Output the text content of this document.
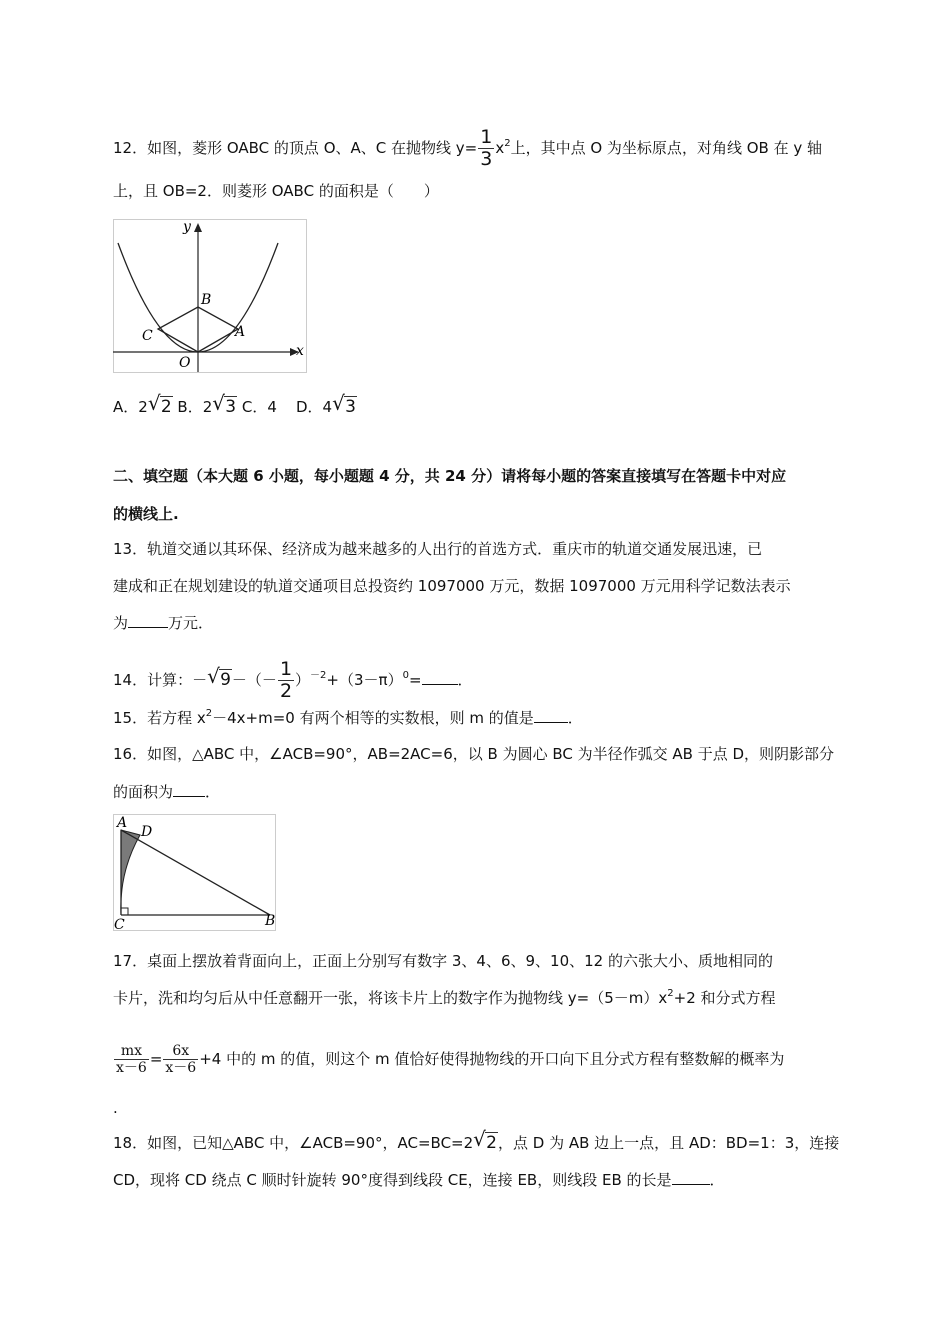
12．如图，菱形 OABC 的顶点 O、A、C 在抛物线 $y= \frac{1}{3} x^2$上，其中点 O 为坐标原点，对角线 OB 在 y 轴
上，且 OB=2．则菱形 OABC 的面积是（　　）
y
x
B
C	A
O
A．2 √ 2 B．2 √ 3 C．4 D．4 √ 3
二、填空题（本大题 6 小题，每小题题 4 分，共 24 分）请将每小题的答案直接填写在答题卡中对应
的横线上.
13．轨道交通以其环保、经济成为越来越多的人出行的首选方式．重庆市的轨道交通发展迅速，已
建成和正在规划建设的轨道交通项目总投资约 1097000 万元，数据 1097000 万元用科学记数法表示
为	万元．
14．计算：－ √ $9-(- \frac{1}{2} )^{-2}+(3-\pi)^0=$ ．
15．若方程 $x^2-4x+m=0$ 有两个相等的实数根，则 m 的值是 ．
16．如图，△ABC 中，∠ACB=90°，AB=2AC=6，以 B 为圆心 BC 为半径作弧交 AB 于点 D，则阴影部分
的面积为 ．
A
D
C	B
17．桌面上摆放着背面向上，正面上分别写有数字 3、4、6、9、10、12 的六张大小、质地相同的
卡片，洗和均匀后从中任意翻开一张，将该卡片上的数字作为抛物线 $y=(5-m)x^2+2$ 和分式方程
$\frac{mx}{x-6} = \frac{6x}{x-6} +4$ 中的 m 的值，则这个 m 值恰好使得抛物线的开口向下且分式方程有整数解的概率为
.
18．如图，已知△ABC 中，∠ACB=90°，AC=BC=2 √ 2，点 D 为 AB 边上一点，且 AD：BD=1：3，连接
CD，现将 CD 绕点 C 顺时针旋转 90°度得到线段 CE，连接 EB，则线段 EB 的长是	．
